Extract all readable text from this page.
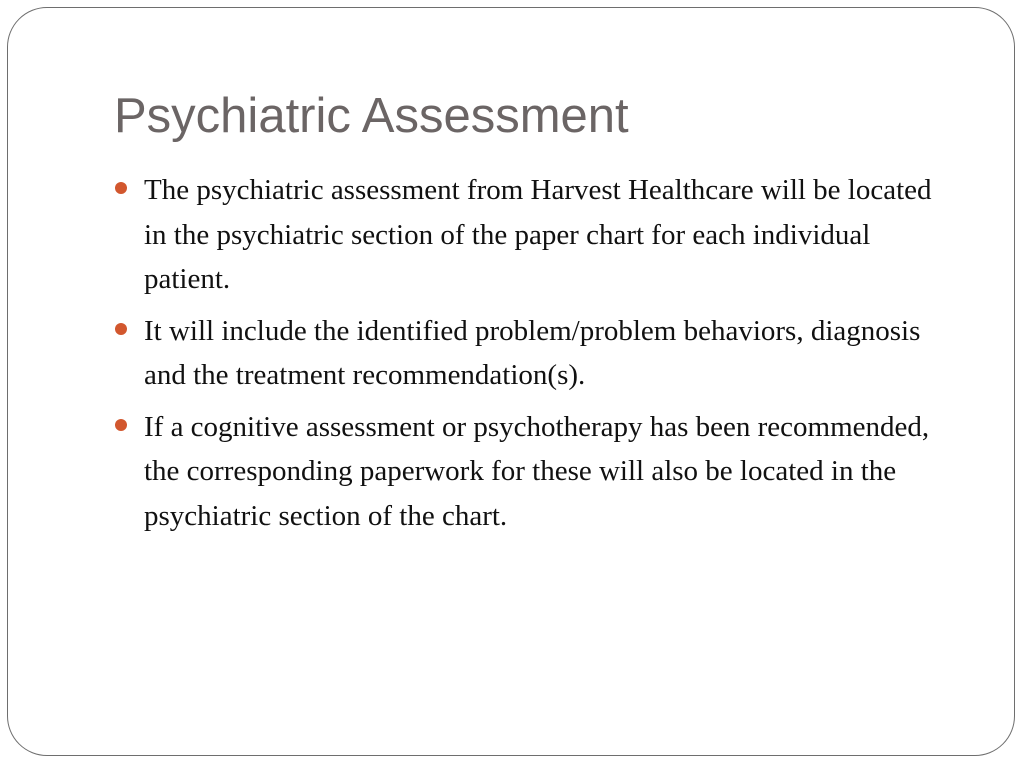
Psychiatric Assessment
The psychiatric assessment from Harvest Healthcare will be located in the psychiatric section of the paper chart for each individual patient.
It will include the identified problem/problem behaviors, diagnosis and the treatment recommendation(s).
If a cognitive assessment or psychotherapy has been recommended, the corresponding paperwork for these will also be located in the psychiatric section of the chart.
